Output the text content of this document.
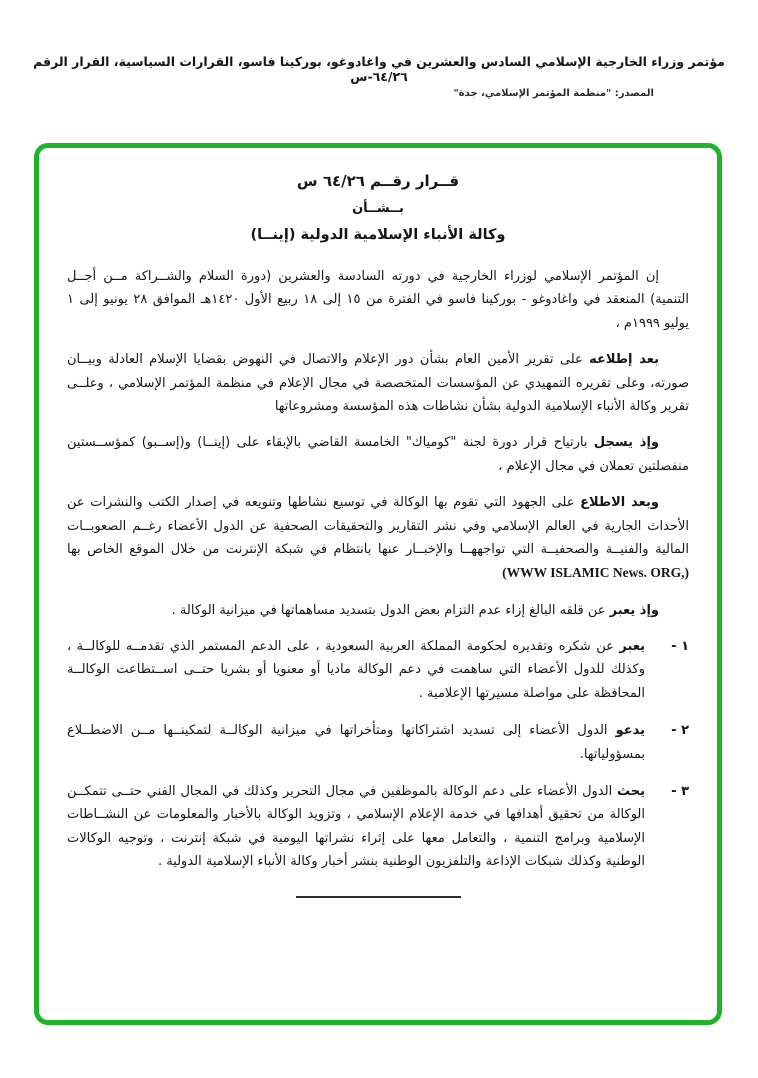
مؤتمر وزراء الخارجية الإسلامي السادس والعشرين في واغادوغو، بوركينا فاسو، القرارات السياسية، القرار الرقم ٦٤/٢٦-س
المصدر: "منظمة المؤتمر الإسلامي، جدة"
قــرار رقــم ٦٤/٢٦ س
بــشــأن
وكالة الأنباء الإسلامية الدولية (إينــا)

إن المؤتمر الإسلامي لوزراء الخارجية في دورته السادسة والعشرين (دورة السلام والشــراكة مــن أجــل التنمية) المنعقد في واغادوغو - بوركينا فاسو في الفترة من ١٥ إلى ١٨ ربيع الأول ١٤٢٠هـ الموافق ٢٨ يونيو إلى ١ يوليو ١٩٩٩م ،

بعد إطلاعه على تقرير الأمين العام بشأن دور الإعلام والاتصال في النهوض بقضايا الإسلام العادلة وبيــان صورته، وعلى تقريره التمهيدي عن المؤسسات المتخصصة في مجال الإعلام في منظمة المؤتمر الإسلامي ، وعلــى تقرير وكالة الأنباء الإسلامية الدولية بشأن نشاطات هذه المؤسسة ومشروعاتها

وإذ يسجل بارتياح قرار دورة لجنة "كومياك" الخامسة القاضي بالإبقاء على (إينــا) و(إســبو) كمؤســستين منفصلتين تعملان في مجال الإعلام ،

وبعد الاطلاع على الجهود التي تقوم بها الوكالة في توسيع نشاطها وتنويعه في إصدار الكتب والنشرات عن الأحداث الجارية في العالم الإسلامي وفي نشر التقارير والتحقيقات الصحفية عن الدول الأعضاء رغــم الصعوبــات المالية والفنيــة والصحفيــة التي تواجههــا والإخبــار عنها بانتظام في شبكة الإنترنت من خلال الموقع الخاص بها (WWW ISLAMIC News. ORG,)

وإذ يعبر عن قلقه البالغ إزاء عدم التزام بعض الدول بتسديد مساهماتها في ميزانية الوكالة .

١ -
يعبر عن شكره وتقديره لحكومة المملكة العربية السعودية ، على الدعم المستمر الذي تقدمــه للوكالــة ، وكذلك للدول الأعضاء التي ساهمت في دعم الوكالة ماديا أو معنويا أو بشريا حتــى اســتطاعت الوكالــة المحافظة على مواصلة مسيرتها الإعلامية .
٢ -
يدعو الدول الأعضاء إلى تسديد اشتراكاتها ومتأخراتها في ميزانية الوكالــة لتمكينــها مــن الاضطــلاع بمسؤولياتها.
٣ -
يحث الدول الأعضاء على دعم الوكالة بالموظفين في مجال التحرير وكذلك في المجال الفني حتــى تتمكــن الوكالة من تحقيق أهدافها في خدمة الإعلام الإسلامي ، وتزويد الوكالة بالأخبار والمعلومات عن النشــاطات الإسلامية وبرامج التنمية ، والتعامل معها على إثراء نشراتها اليومية في شبكة إنترنت ، وتوجيه الوكالات الوطنية وكذلك شبكات الإذاعة والتلفزيون الوطنية بنشر أخبار وكالة الأنباء الإسلامية الدولية .
